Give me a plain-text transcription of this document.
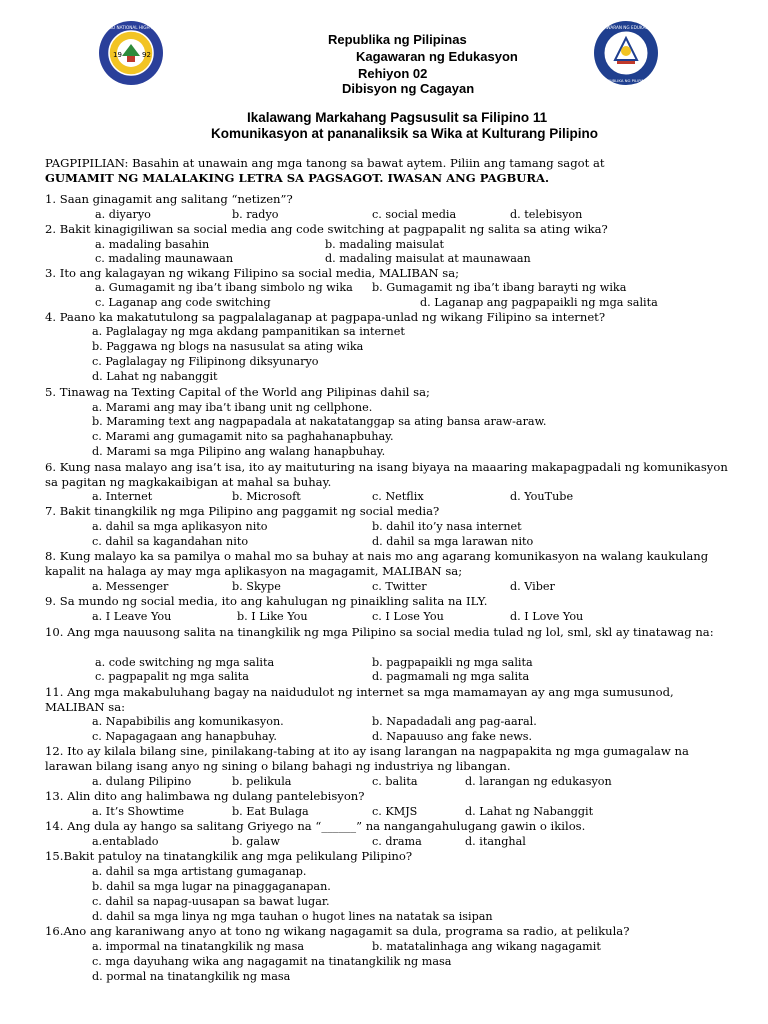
19	92
STO. NIÑO NATIONAL HIGH SCHOOL	KAGAWARAN NG EDUKASYON
REPUBLIKA NG PILIPINAS
Republika ng Pilipinas
Kagawaran ng Edukasyon
Rehiyon 02
Dibisyon ng Cagayan
Ikalawang Markahang Pagsusulit sa Filipino 11
Komunikasyon at pananaliksik sa Wika at Kulturang Pilipino
PAGPIPILIAN: Basahin at unawain ang mga tanong sa bawat aytem. Piliin ang tamang sagot at
GUMAMIT NG MALALAKING LETRA SA PAGSAGOT. IWASAN ANG PAGBURA.
1. Saan ginagamit ang salitang “netizen”?
a. diyaryo	b. radyo	c. social media	d. telebisyon
2. Bakit kinagigiliwan sa social media ang code switching at pagpapalit ng salita sa ating wika?
a. madaling basahin	b. madaling maisulat
c. madaling maunawaan	d. madaling maisulat at maunawaan
3. Ito ang kalagayan ng wikang Filipino sa social media, MALIBAN sa;
a. Gumagamit ng iba’t ibang simbolo ng wika b. Gumagamit ng iba’t ibang barayti ng wika
c. Laganap ang code switching	d. Laganap ang pagpapaikli ng mga salita
4. Paano ka makatutulong sa pagpalalaganap at pagpapa-unlad ng wikang Filipino sa internet?
a. Paglalagay ng mga akdang pampanitikan sa internet
b. Paggawa ng blogs na nasusulat sa ating wika
c. Paglalagay ng Filipinong diksyunaryo
d. Lahat ng nabanggit
5. Tinawag na Texting Capital of the World ang Pilipinas dahil sa;
a. Marami ang may iba’t ibang unit ng cellphone.
b. Maraming text ang nagpapadala at nakatatanggap sa ating bansa araw-araw.
c. Marami ang gumagamit nito sa paghahanapbuhay.
d. Marami sa mga Pilipino ang walang hanapbuhay.
6. Kung nasa malayo ang isa’t isa, ito ay maituturing na isang biyaya na maaaring makapagpadali ng komunikasyon sa pagitan ng magkakaibigan at mahal sa buhay.
a. Internet	b. Microsoft	c. Netflix	d. YouTube
7. Bakit tinangkilik ng mga Pilipino ang paggamit ng social media?
a. dahil sa mga aplikasyon nito	b. dahil ito’y nasa internet
c. dahil sa kagandahan nito	d. dahil sa mga larawan nito
8. Kung malayo ka sa pamilya o mahal mo sa buhay at nais mo ang agarang komunikasyon na walang kaukulang kapalit na halaga ay may mga aplikasyon na magagamit, MALIBAN sa;
a. Messenger	b. Skype	c. Twitter	d. Viber
9. Sa mundo ng social media, ito ang kahulugan ng pinaikling salita na ILY.
a. I Leave You	b. I Like You	c. I Lose You	d. I Love You
10. Ang mga nauusong salita na tinangkilik ng mga Pilipino sa social media tulad ng lol, sml, skl ay tinatawag na:
a. code switching ng mga salita	b. pagpapaikli ng mga salita
c. pagpapalit ng mga salita	d. pagmamali ng mga salita
11. Ang mga makabuluhang bagay na naidudulot ng internet sa mga mamamayan ay ang mga sumusunod, MALIBAN sa:
a. Napabibilis ang komunikasyon.	b. Napadadali ang pag-aaral.
c. Napagagaan ang hanapbuhay.	d. Napauuso ang fake news.
12. Ito ay kilala bilang sine, pinilakang-tabing at ito ay isang larangan na nagpapakita ng mga gumagalaw na larawan bilang isang anyo ng sining o bilang bahagi ng industriya ng libangan.
a. dulang Pilipino	b. pelikula	c. balita	d. larangan ng edukasyon
13. Alin dito ang halimbawa ng dulang pantelebisyon?
a. It’s Showtime	b. Eat Bulaga	c. KMJS	d. Lahat ng Nabanggit
14. Ang dula ay hango sa salitang Griyego na “______” na nangangahulugang gawin o ikilos.
a.entablado	b. galaw	c. drama	d. itanghal
15.Bakit patuloy na tinatangkilik ang mga pelikulang Pilipino?
a. dahil sa mga artistang gumaganap.
b. dahil sa mga lugar na pinaggaganapan.
c. dahil sa napag-uusapan sa bawat lugar.
d. dahil sa mga linya ng mga tauhan o hugot lines na natatak sa isipan
16.Ano ang karaniwang anyo at tono ng wikang nagagamit sa dula, programa sa radio, at pelikula?
a. impormal na tinatangkilik ng masa	b. matatalinhaga ang wikang nagagamit
c. mga dayuhang wika ang nagagamit na tinatangkilik ng masa
d. pormal na tinatangkilik ng masa
